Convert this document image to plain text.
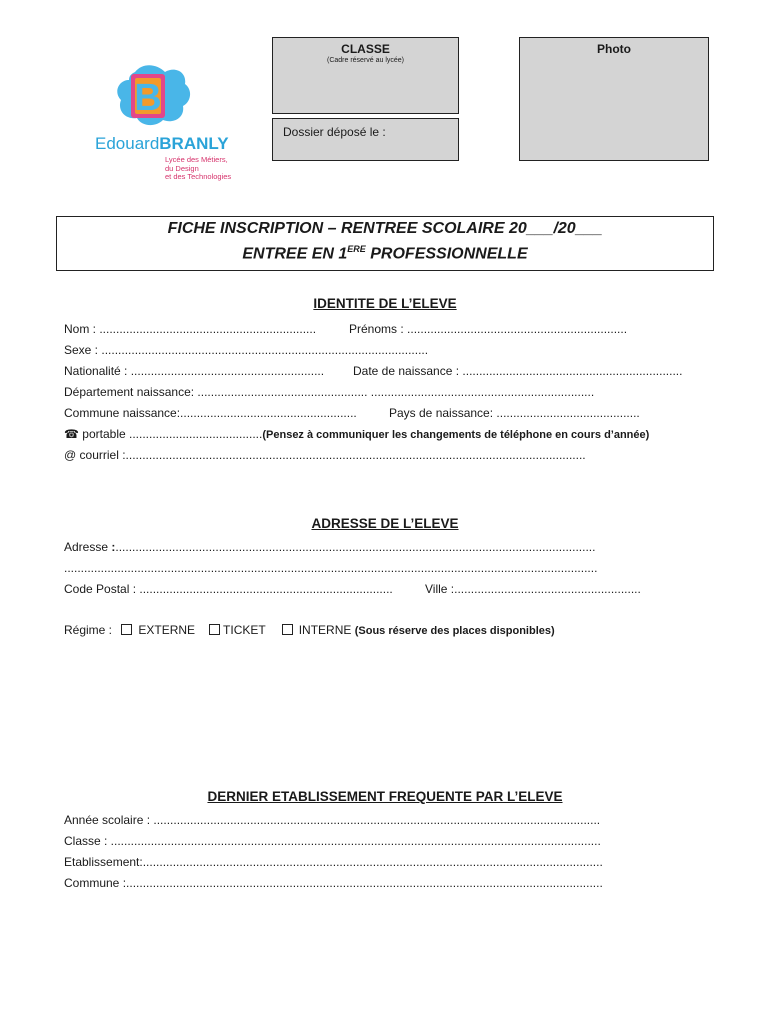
B
EdouardBRANLY
Lycée des Métiers,
du Design
et des Technologies
CLASSE
(Cadre réservé au lycée)
Dossier déposé le :
Photo
FICHE INSCRIPTION – RENTREE SCOLAIRE 20___/20___
ENTREE EN 1ERE PROFESSIONNELLE
IDENTITE DE L’ELEVE
Nom : .................................................................	Prénoms : ..................................................................
Sexe : ..................................................................................................
Nationalité : .......................................................... Date de naissance : ..................................................................
Département naissance: ................................................... ...................................................................
Commune naissance:.....................................................	Pays de naissance: ...........................................
☎ portable ........................................(Pensez à communiquer les changements de téléphone en cours d’année)
@ courriel :..........................................................................................................................................
ADRESSE DE L’ELEVE
Adresse :................................................................................................................................................
................................................................................................................................................................
Code Postal : ............................................................................	Ville :........................................................
Régime : EXTERNE TICKET	INTERNE (Sous réserve des places disponibles)
DERNIER ETABLISSEMENT FREQUENTE PAR L’ELEVE
Année scolaire : ......................................................................................................................................
Classe : ...................................................................................................................................................
Etablissement:..........................................................................................................................................
Commune :...............................................................................................................................................
